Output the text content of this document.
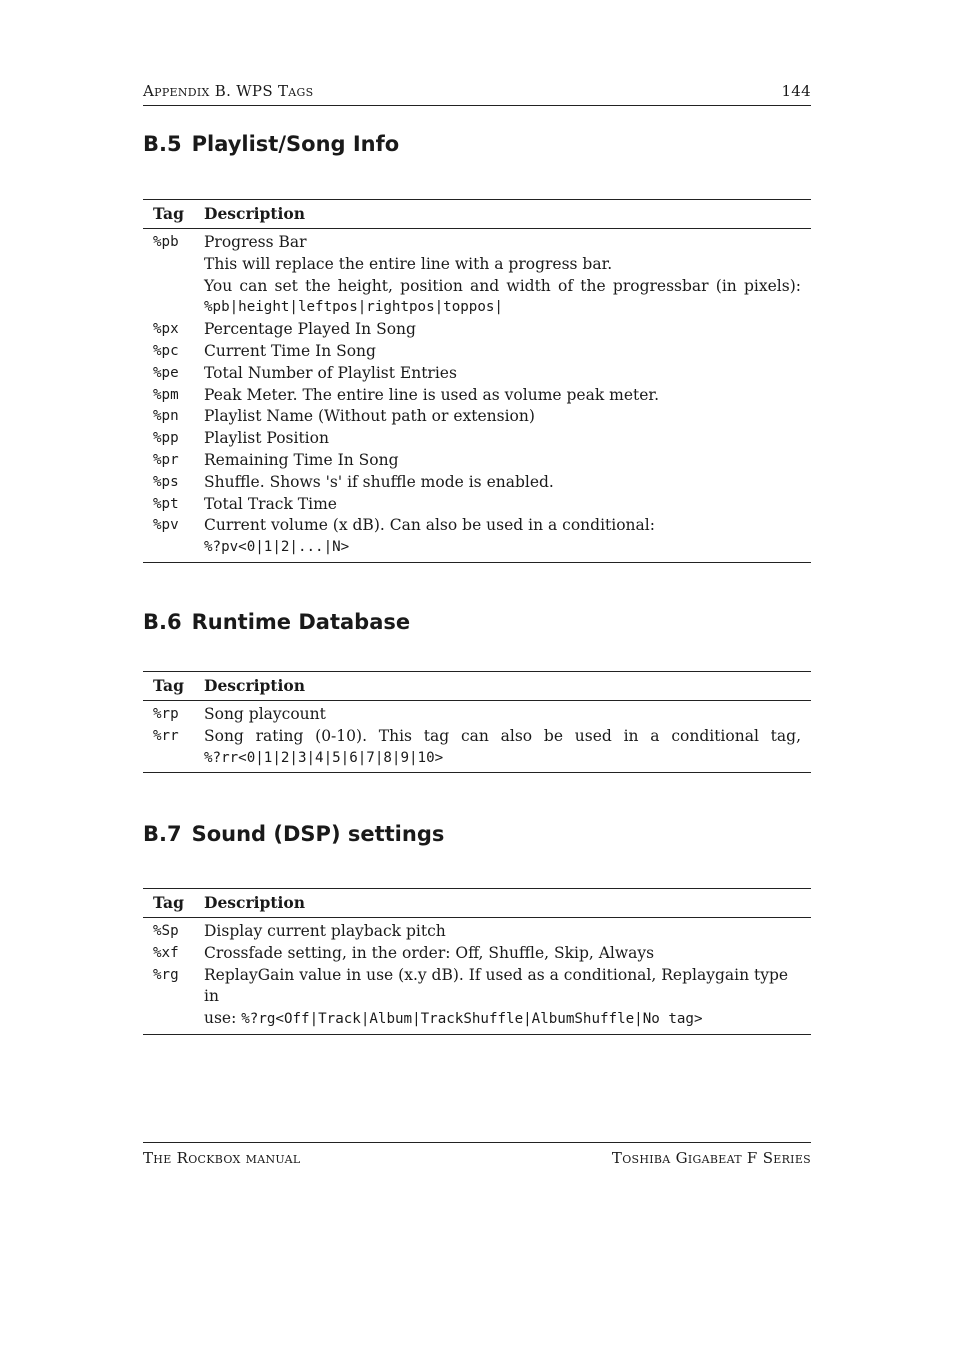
Appendix B. WPS Tags	144
B.5 Playlist/Song Info
Tag	Description
%pb	Progress Bar
This will replace the entire line with a progress bar.
You can set the height, position and width of the progressbar (in pixels):
%pb|height|leftpos|rightpos|toppos|

%px	Percentage Played In Song
%pc	Current Time In Song
%pe	Total Number of Playlist Entries
%pm	Peak Meter. The entire line is used as volume peak meter.
%pn	Playlist Name (Without path or extension)
%pp	Playlist Position
%pr	Remaining Time In Song
%ps	Shuffle. Shows 's' if shuffle mode is enabled.
%pt	Total Track Time
%pv	Current volume (x dB). Can also be used in a conditional:
%?pv<0|1|2|...|N>
B.6 Runtime Database
Tag	Description
%rp	Song playcount
%rr	Song rating (0-10). This tag can also be used in a conditional tag,
%?rr<0|1|2|3|4|5|6|7|8|9|10>
B.7 Sound (DSP) settings
Tag	Description
%Sp	Display current playback pitch
%xf	Crossfade setting, in the order: Off, Shuffle, Skip, Always
%rg	ReplayGain value in use (x.y dB). If used as a conditional, Replaygain type in
use: %?rg<Off|Track|Album|TrackShuffle|AlbumShuffle|No tag>
The Rockbox manual	Toshiba Gigabeat F Series
